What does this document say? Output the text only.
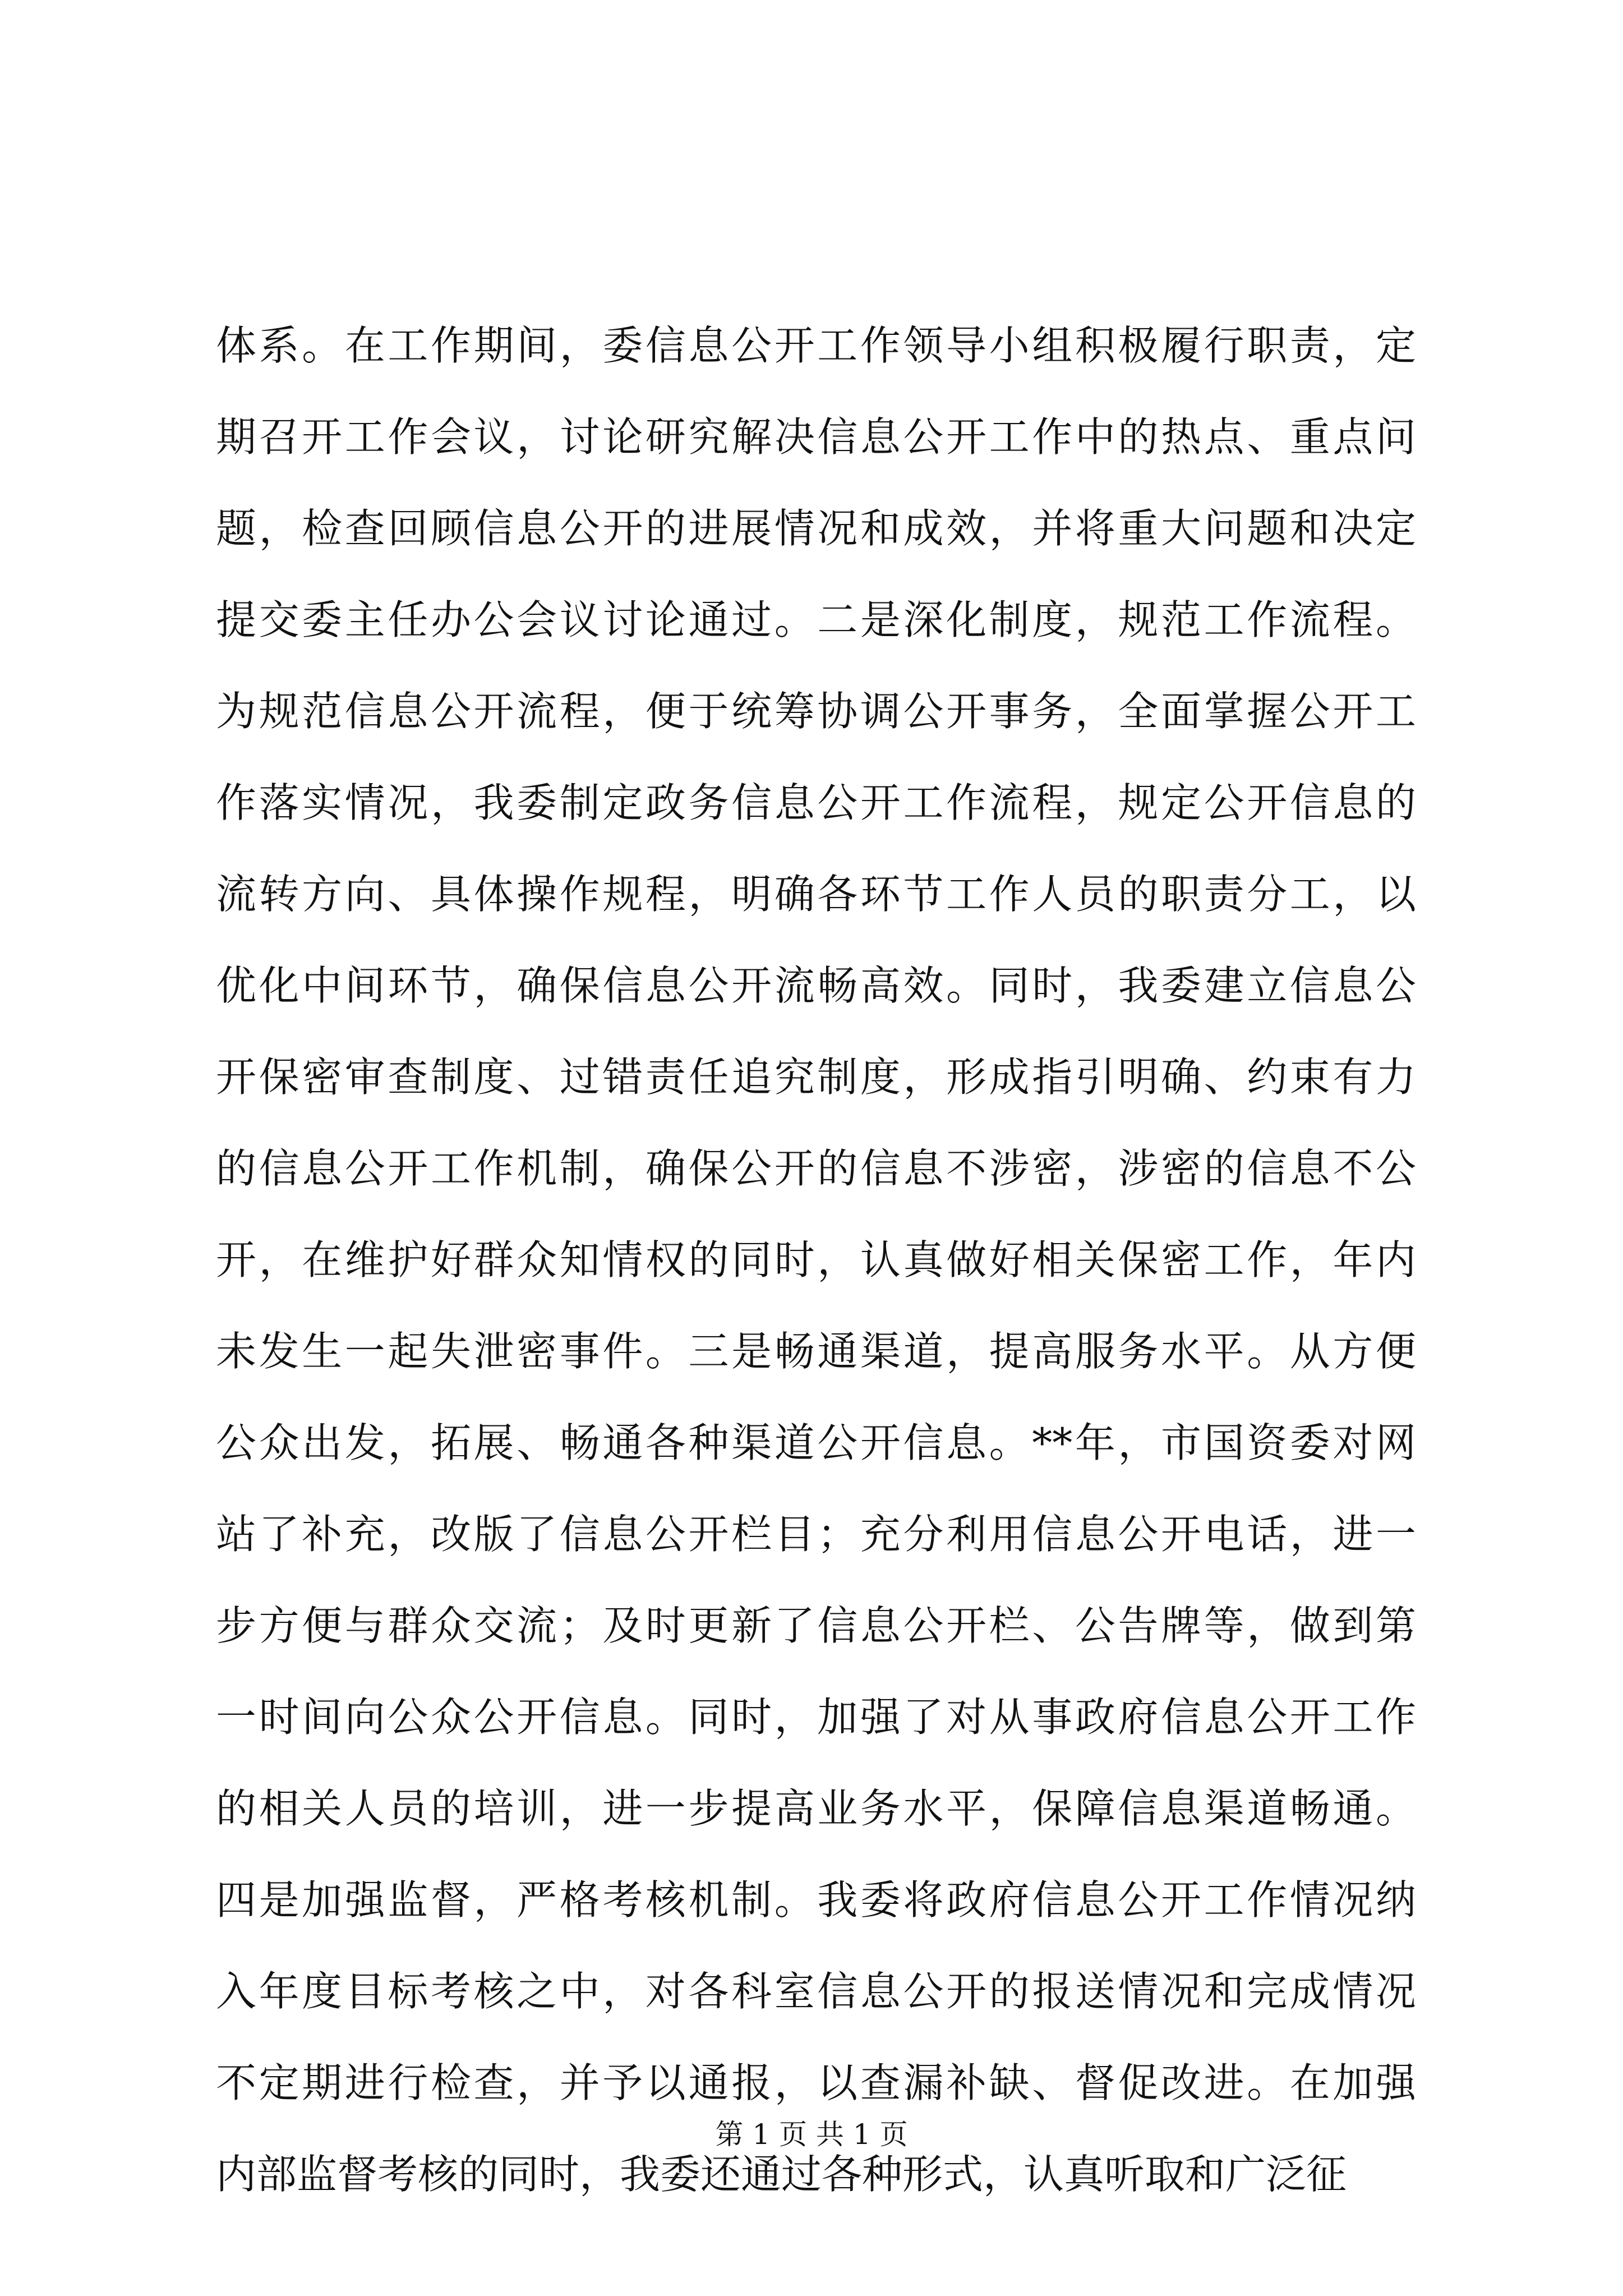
体系。在工作期间，委信息公开工作领导小组积极履行职责，定
期召开工作会议，讨论研究解决信息公开工作中的热点、重点问
题，检查回顾信息公开的进展情况和成效，并将重大问题和决定
提交委主任办公会议讨论通过。二是深化制度，规范工作流程。
为规范信息公开流程，便于统筹协调公开事务，全面掌握公开工
作落实情况，我委制定政务信息公开工作流程，规定公开信息的
流转方向、具体操作规程，明确各环节工作人员的职责分工，以
优化中间环节，确保信息公开流畅高效。同时，我委建立信息公
开保密审查制度、过错责任追究制度，形成指引明确、约束有力
的信息公开工作机制，确保公开的信息不涉密，涉密的信息不公
开，在维护好群众知情权的同时，认真做好相关保密工作，年内
未发生一起失泄密事件。三是畅通渠道，提高服务水平。从方便
公众出发，拓展、畅通各种渠道公开信息。**年，市国资委对网
站了补充，改版了信息公开栏目；充分利用信息公开电话，进一
步方便与群众交流；及时更新了信息公开栏、公告牌等，做到第
一时间向公众公开信息。同时，加强了对从事政府信息公开工作
的相关人员的培训，进一步提高业务水平，保障信息渠道畅通。
四是加强监督，严格考核机制。我委将政府信息公开工作情况纳
入年度目标考核之中，对各科室信息公开的报送情况和完成情况
不定期进行检查，并予以通报，以查漏补缺、督促改进。在加强
内部监督考核的同时，我委还通过各种形式，认真听取和广泛征
第 1 页 共 1 页
